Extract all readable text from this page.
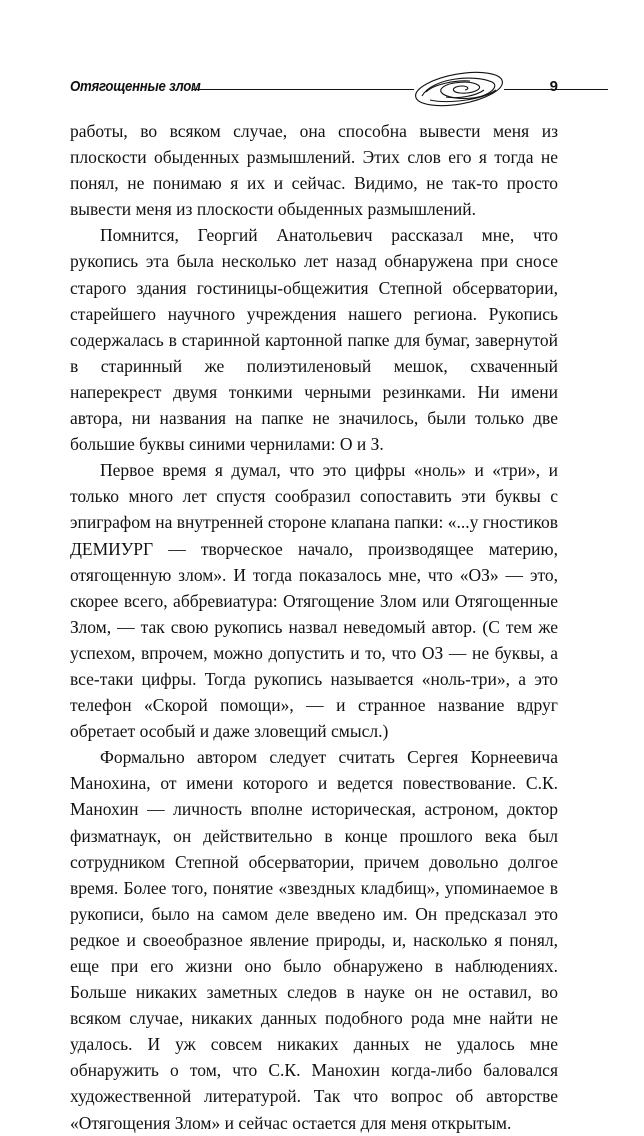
Отягощенные злом	9

работы, во всяком случае, она способна вывести меня из плоскости обыденных размышлений. Этих слов его я тогда не понял, не понимаю я их и сейчас. Видимо, не так-то просто вывести меня из плоскости обыденных размышлений.

Помнится, Георгий Анатольевич рассказал мне, что рукопись эта была несколько лет назад обнаружена при сносе старого здания гостиницы-общежития Степной обсерватории, старейшего научного учреждения нашего региона. Рукопись содержалась в старинной картонной папке для бумаг, завернутой в старинный же полиэтиленовый мешок, схваченный наперекрест двумя тонкими черными резинками. Ни имени автора, ни названия на папке не значилось, были только две большие буквы синими чернилами: О и З.

Первое время я думал, что это цифры «ноль» и «три», и только много лет спустя сообразил сопоставить эти буквы с эпиграфом на внутренней стороне клапана папки: «...у гностиков ДЕМИУРГ — творческое начало, производящее материю, отягощенную злом». И тогда показалось мне, что «ОЗ» — это, скорее всего, аббревиатура: Отягощение Злом или Отягощенные Злом, — так свою рукопись назвал неведомый автор. (С тем же успехом, впрочем, можно допустить и то, что ОЗ — не буквы, а все-таки цифры. Тогда рукопись называется «ноль-три», а это телефон «Скорой помощи», — и странное название вдруг обретает особый и даже зловещий смысл.)

Формально автором следует считать Сергея Корнеевича Манохина, от имени которого и ведется повествование. С.К. Манохин — личность вполне историческая, астроном, доктор физматнаук, он действительно в конце прошлого века был сотрудником Степной обсерватории, причем довольно долгое время. Более того, понятие «звездных кладбищ», упоминаемое в рукописи, было на самом деле введено им. Он предсказал это редкое и своеобразное явление природы, и, насколько я понял, еще при его жизни оно было обнаружено в наблюдениях. Больше никаких заметных следов в науке он не оставил, во всяком случае, никаких данных подобного рода мне найти не удалось. И уж совсем никаких данных не удалось мне обнаружить о том, что С.К. Манохин когда-либо баловался художественной литературой. Так что вопрос об авторстве «Отягощения Злом» и сейчас остается для меня открытым.
